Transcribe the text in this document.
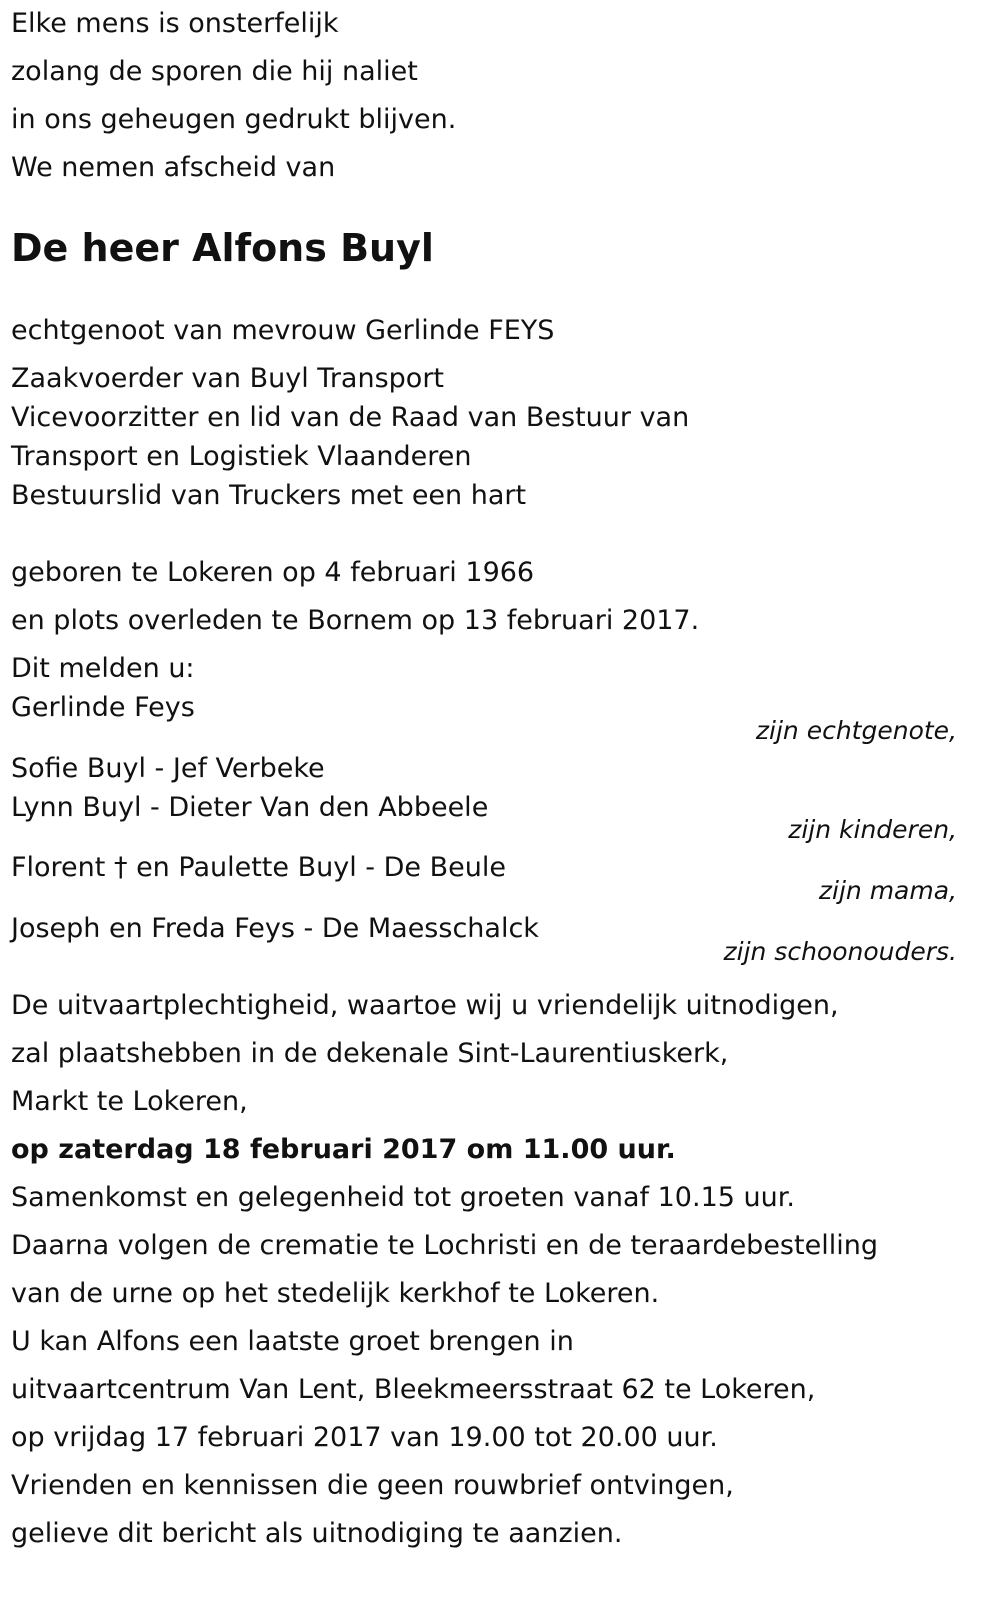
Elke mens is onsterfelijk

zolang de sporen die hij naliet

in ons geheugen gedrukt blijven.

We nemen afscheid van

De heer Alfons Buyl

echtgenoot van mevrouw Gerlinde FEYS

Zaakvoerder van Buyl Transport

Vicevoorzitter en lid van de Raad van Bestuur van

Transport en Logistiek Vlaanderen

Bestuurslid van Truckers met een hart

geboren te Lokeren op 4 februari 1966

en plots overleden te Bornem op 13 februari 2017.

Dit melden u:

Gerlinde Feys

zijn echtgenote,

Sofie Buyl - Jef Verbeke

Lynn Buyl - Dieter Van den Abbeele

zijn kinderen,

Florent † en Paulette Buyl - De Beule

zijn mama,

Joseph en Freda Feys - De Maesschalck

zijn schoonouders.

De uitvaartplechtigheid, waartoe wij u vriendelijk uitnodigen,

zal plaatshebben in de dekenale Sint-Laurentiuskerk,

Markt te Lokeren,

op zaterdag 18 februari 2017 om 11.00 uur.

Samenkomst en gelegenheid tot groeten vanaf 10.15 uur.

Daarna volgen de crematie te Lochristi en de teraardebestelling

van de urne op het stedelijk kerkhof te Lokeren.

U kan Alfons een laatste groet brengen in

uitvaartcentrum Van Lent, Bleekmeersstraat 62 te Lokeren,

op vrijdag 17 februari 2017 van 19.00 tot 20.00 uur.

Vrienden en kennissen die geen rouwbrief ontvingen,

gelieve dit bericht als uitnodiging te aanzien.
